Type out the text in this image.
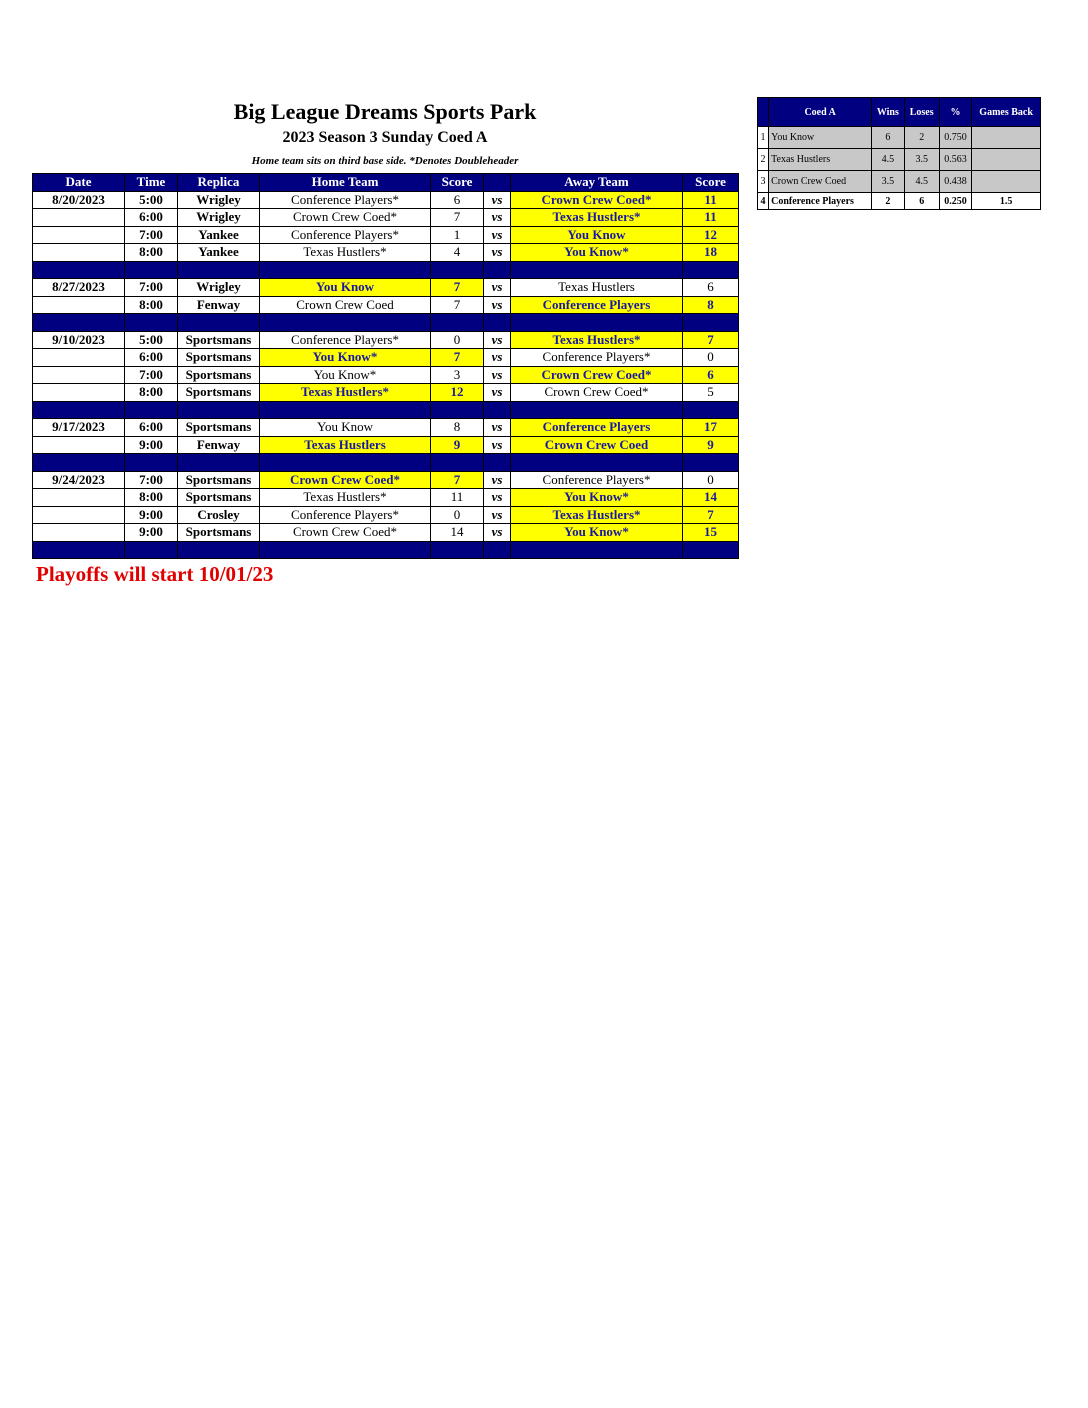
Big League Dreams Sports Park
2023 Season 3 Sunday Coed A
Home team sits on third base side. *Denotes Doubleheader
Date	Time	Replica	Home Team	Score		Away Team	Score
8/20/2023	5:00	Wrigley	Conference Players*	6	vs	Crown Crew Coed*	11
	6:00	Wrigley	Crown Crew Coed*	7	vs	Texas Hustlers*	11
	7:00	Yankee	Conference Players*	1	vs	You Know	12
	8:00	Yankee	Texas Hustlers*	4	vs	You Know*	18

8/27/2023	7:00	Wrigley	You Know	7	vs	Texas Hustlers	6
	8:00	Fenway	Crown Crew Coed	7	vs	Conference Players	8

9/10/2023	5:00	Sportsmans	Conference Players*	0	vs	Texas Hustlers*	7
	6:00	Sportsmans	You Know*	7	vs	Conference Players*	0
	7:00	Sportsmans	You Know*	3	vs	Crown Crew Coed*	6
	8:00	Sportsmans	Texas Hustlers*	12	vs	Crown Crew Coed*	5

9/17/2023	6:00	Sportsmans	You Know	8	vs	Conference Players	17
	9:00	Fenway	Texas Hustlers	9	vs	Crown Crew Coed	9

9/24/2023	7:00	Sportsmans	Crown Crew Coed*	7	vs	Conference Players*	0
	8:00	Sportsmans	Texas Hustlers*	11	vs	You Know*	14
	9:00	Crosley	Conference Players*	0	vs	Texas Hustlers*	7
	9:00	Sportsmans	Crown Crew Coed*	14	vs	You Know*	15

Playoffs will start 10/01/23
	Coed A	Wins	Loses	%	Games Back
1	You Know	6	2	0.750	
2	Texas Hustlers	4.5	3.5	0.563	
3	Crown Crew Coed	3.5	4.5	0.438	
4	Conference Players	2	6	0.250	1.5
